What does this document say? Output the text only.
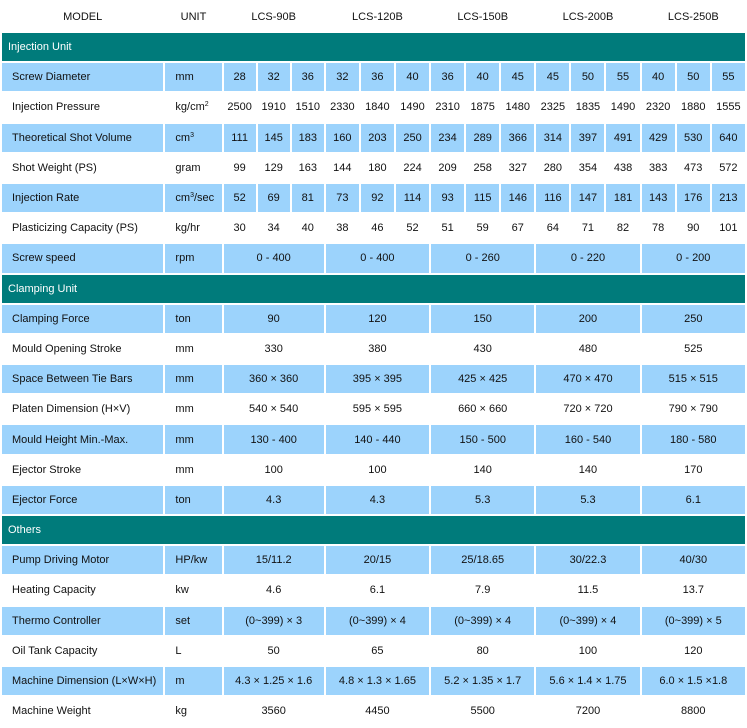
MODEL	UNIT	LCS-90B			LCS-120B			LCS-150B			LCS-200B			LCS-250B		
Injection Unit																
Screw Diameter	mm	28	32	36	32	36	40	36	40	45	45	50	55	40	50	55
Injection Pressure	$kg/cm^2$	2500	1910	1510	2330	1840	1490	2310	1875	1480	2325	1835	1490	2320	1880	1555
Theoretical Shot Volume	$cm^3$	111	145	183	160	203	250	234	289	366	314	397	491	429	530	640
Shot Weight (PS)	gram	99	129	163	144	180	224	209	258	327	280	354	438	383	473	572
Injection Rate	$cm^3/\sec$	52	69	81	73	92	114	93	115	146	116	147	181	143	176	213
Plasticizing Capacity (PS)	kg/hr	30	34	40	38	46	52	51	59	67	64	71	82	78	90	101
Screw speed	rpm	0 - 400			0 - 400			0 - 260			0 - 220			0 - 200		
Clamping Unit																
Clamping Force	ton	90			120			150			200			250		
Mould Opening Stroke	mm	330			380			430			480			525		
Space Between Tie Bars	mm	360 × 360			395 × 395			425 × 425			470 × 470			515 × 515		
Platen Dimension (H×V)	mm	540 × 540			595 × 595			660 × 660			720 × 720			790 × 790		
Mould Height Min.-Max.	mm	130 - 400			140 - 440			150 - 500			160 - 540			180 - 580		
Ejector Stroke	mm	100			100			140			140			170		
Ejector Force	ton	4.3			4.3			5.3			5.3			6.1		
Others																
Pump Driving Motor	HP/kw	15/11.2			20/15			25/18.65			30/22.3			40/30		
Heating Capacity	kw	4.6			6.1			7.9			11.5			13.7		
Thermo Controller	set	(0~399) × 3			(0~399) × 4			(0~399) × 4			(0~399) × 4			(0~399) × 5		
Oil Tank Capacity	L	50			65			80			100			120		
Machine Dimension (L×W×H)	m	4.3 × 1.25 × 1.6			4.8 × 1.3 × 1.65			5.2 × 1.35 × 1.7			5.6 × 1.4 × 1.75			6.0 × 1.5 ×1.8		
Machine Weight	kg	3560			4450			5500			7200			8800		
